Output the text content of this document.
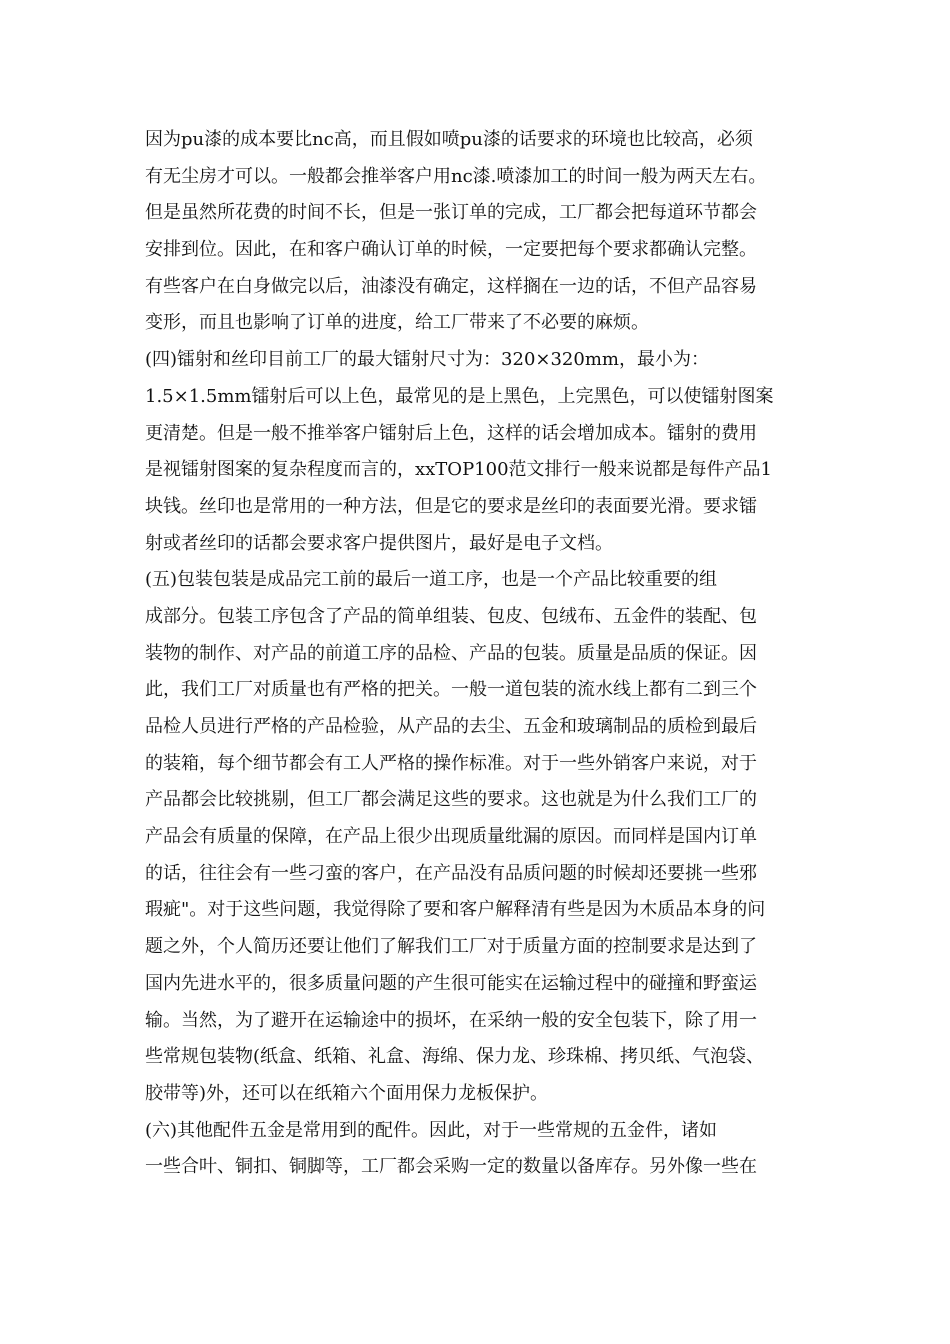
因为pu漆的成本要比nc高，而且假如喷pu漆的话要求的环境也比较高，必须
有无尘房才可以。一般都会推举客户用nc漆.喷漆加工的时间一般为两天左右。
但是虽然所花费的时间不长，但是一张订单的完成，工厂都会把每道环节都会
安排到位。因此，在和客户确认订单的时候，一定要把每个要求都确认完整。
有些客户在白身做完以后，油漆没有确定，这样搁在一边的话，不但产品容易
变形，而且也影响了订单的进度，给工厂带来了不必要的麻烦。
(四)镭射和丝印目前工厂的最大镭射尺寸为：320×320mm，最小为：
1.5×1.5mm镭射后可以上色，最常见的是上黑色，上完黑色，可以使镭射图案
更清楚。但是一般不推举客户镭射后上色，这样的话会增加成本。镭射的费用
是视镭射图案的复杂程度而言的，xxTOP100范文排行一般来说都是每件产品1
块钱。丝印也是常用的一种方法，但是它的要求是丝印的表面要光滑。要求镭
射或者丝印的话都会要求客户提供图片，最好是电子文档。
(五)包装包装是成品完工前的最后一道工序，也是一个产品比较重要的组
成部分。包装工序包含了产品的简单组装、包皮、包绒布、五金件的装配、包
装物的制作、对产品的前道工序的品检、产品的包装。质量是品质的保证。因
此，我们工厂对质量也有严格的把关。一般一道包装的流水线上都有二到三个
品检人员进行严格的产品检验，从产品的去尘、五金和玻璃制品的质检到最后
的装箱，每个细节都会有工人严格的操作标准。对于一些外销客户来说，对于
产品都会比较挑剔，但工厂都会满足这些的要求。这也就是为什么我们工厂的
产品会有质量的保障，在产品上很少出现质量纰漏的原因。而同样是国内订单
的话，往往会有一些刁蛮的客户，在产品没有品质问题的时候却还要挑一些邪
瑕疵"。对于这些问题，我觉得除了要和客户解释清有些是因为木质品本身的问
题之外，个人简历还要让他们了解我们工厂对于质量方面的控制要求是达到了
国内先进水平的，很多质量问题的产生很可能实在运输过程中的碰撞和野蛮运
输。当然，为了避开在运输途中的损坏，在采纳一般的安全包装下，除了用一
些常规包装物(纸盒、纸箱、礼盒、海绵、保力龙、珍珠棉、拷贝纸、气泡袋、
胶带等)外，还可以在纸箱六个面用保力龙板保护。
(六)其他配件五金是常用到的配件。因此，对于一些常规的五金件，诸如
一些合叶、铜扣、铜脚等，工厂都会采购一定的数量以备库存。另外像一些在
